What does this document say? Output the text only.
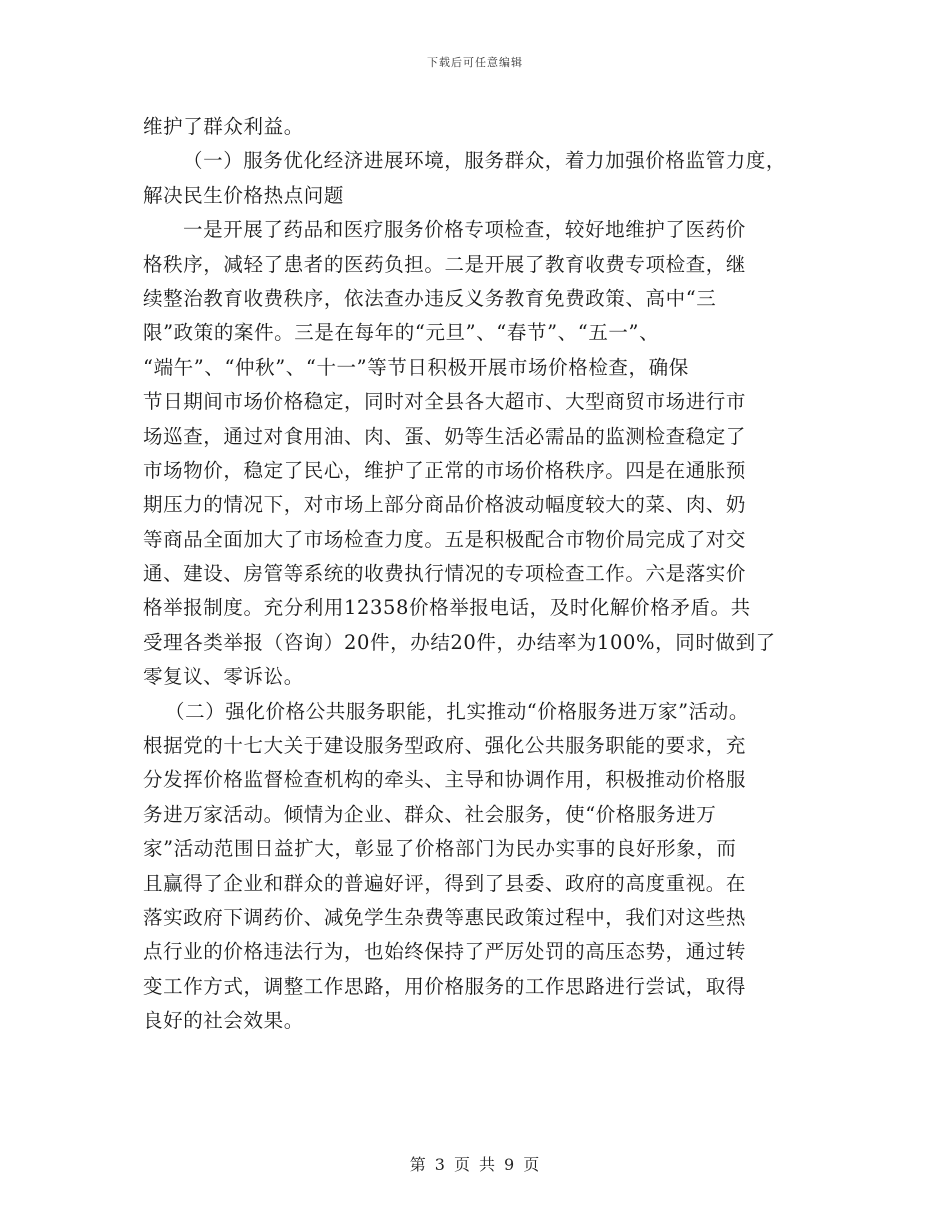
下载后可任意编辑
维护了群众利益。
（一）服务优化经济进展环境，服务群众，着力加强价格监管力度，
解决民生价格热点问题
一是开展了药品和医疗服务价格专项检查，较好地维护了医药价
格秩序，减轻了患者的医药负担。二是开展了教育收费专项检查，继
续整治教育收费秩序，依法查办违反义务教育免费政策、高中“三
限”政策的案件。三是在每年的“元旦”、“春节”、“五一”、
“端午”、“仲秋”、“十一”等节日积极开展市场价格检查，确保
节日期间市场价格稳定，同时对全县各大超市、大型商贸市场进行市
场巡查，通过对食用油、肉、蛋、奶等生活必需品的监测检查稳定了
市场物价，稳定了民心，维护了正常的市场价格秩序。四是在通胀预
期压力的情况下，对市场上部分商品价格波动幅度较大的菜、肉、奶
等商品全面加大了市场检查力度。五是积极配合市物价局完成了对交
通、建设、房管等系统的收费执行情况的专项检查工作。六是落实价
格举报制度。充分利用12358价格举报电话，及时化解价格矛盾。共
受理各类举报（咨询）20件，办结20件，办结率为100%，同时做到了
零复议、零诉讼。
（二）强化价格公共服务职能，扎实推动“价格服务进万家”活动。
根据党的十七大关于建设服务型政府、强化公共服务职能的要求，充
分发挥价格监督检查机构的牵头、主导和协调作用，积极推动价格服
务进万家活动。倾情为企业、群众、社会服务，使“价格服务进万
家”活动范围日益扩大，彰显了价格部门为民办实事的良好形象，而
且赢得了企业和群众的普遍好评，得到了县委、政府的高度重视。在
落实政府下调药价、减免学生杂费等惠民政策过程中，我们对这些热
点行业的价格违法行为，也始终保持了严厉处罚的高压态势，通过转
变工作方式，调整工作思路，用价格服务的工作思路进行尝试，取得
良好的社会效果。
第 3 页 共 9 页
